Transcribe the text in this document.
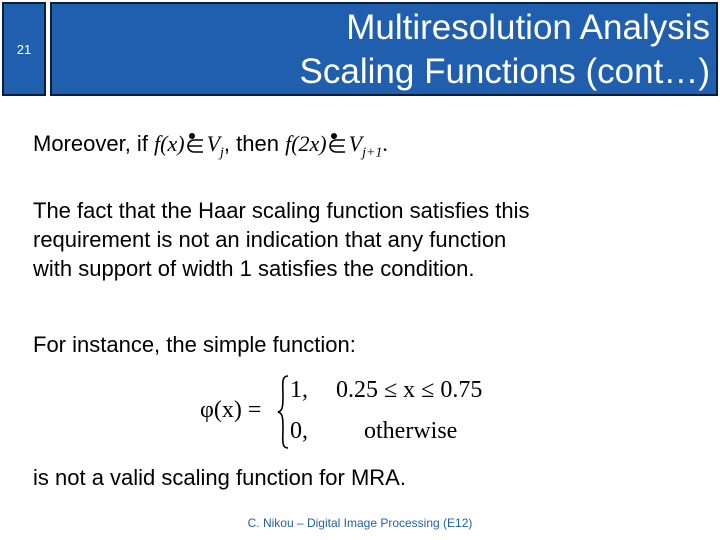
21
Multiresolution Analysis
Scaling Functions (cont…)
Moreover, if f(x) $V_j$, then f(2x) $V_{j+1}$.
The fact that the Haar scaling function satisfies this
requirement is not an indication that any function
with support of width 1 satisfies the condition.
For instance, the simple function:
φ(x) =
1, 0.25 ≤ x ≤ 0.75
0, otherwise
is not a valid scaling function for MRA.
C. Nikou – Digital Image Processing (E12)
